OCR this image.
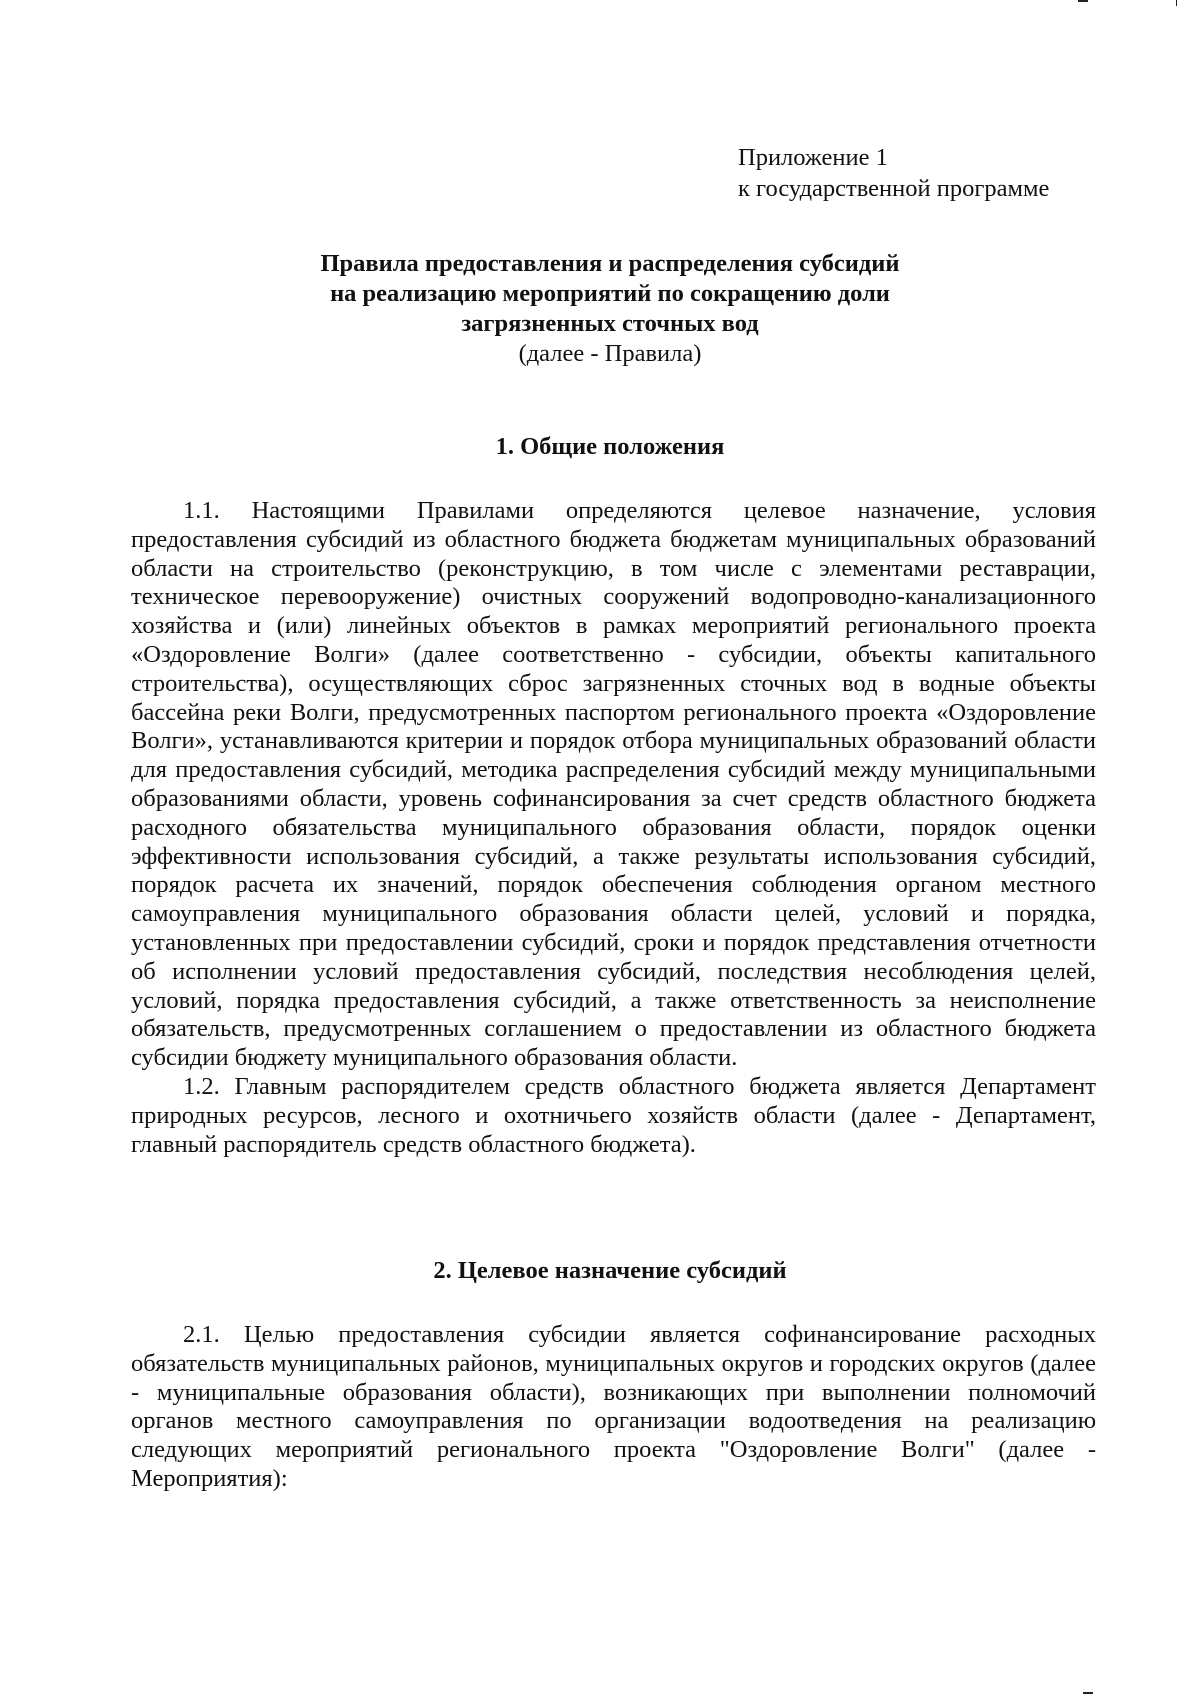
Приложение 1
к государственной программе
Правила предоставления и распределения субсидий
на реализацию мероприятий по сокращению доли
загрязненных сточных вод
(далее - Правила)
1. Общие положения

1.1. Настоящими Правилами определяются целевое назначение, условия предоставления субсидий из областного бюджета бюджетам муниципальных образований области на строительство (реконструкцию, в том числе с элементами реставрации, техническое перевооружение) очистных сооружений водопроводно-канализационного хозяйства и (или) линейных объектов в рамках мероприятий регионального проекта «Оздоровление Волги» (далее соответственно - субсидии, объекты капитального строительства), осуществляющих сброс загрязненных сточных вод в водные объекты бассейна реки Волги, предусмотренных паспортом регионального проекта «Оздоровление Волги», устанавливаются критерии и порядок отбора муниципальных образований области для предоставления субсидий, методика распределения субсидий между муниципальными образованиями области, уровень софинансирования за счет средств областного бюджета расходного обязательства муниципального образования области, порядок оценки эффективности использования субсидий, а также результаты использования субсидий, порядок расчета их значений, порядок обеспечения соблюдения органом местного самоуправления муниципального образования области целей, условий и порядка, установленных при предоставлении субсидий, сроки и порядок представления отчетности об исполнении условий предоставления субсидий, последствия несоблюдения целей, условий, порядка предоставления субсидий, а также ответственность за неисполнение обязательств, предусмотренных соглашением о предоставлении из областного бюджета субсидии бюджету муниципального образования области.

1.2. Главным распорядителем средств областного бюджета является Департамент природных ресурсов, лесного и охотничьего хозяйств области (далее - Департамент, главный распорядитель средств областного бюджета).

2. Целевое назначение субсидий

2.1. Целью предоставления субсидии является софинансирование расходных обязательств муниципальных районов, муниципальных округов и городских округов (далее - муниципальные образования области), возникающих при выполнении полномочий органов местного самоуправления по организации водоотведения на реализацию следующих мероприятий регионального проекта "Оздоровление Волги" (далее - Мероприятия):
